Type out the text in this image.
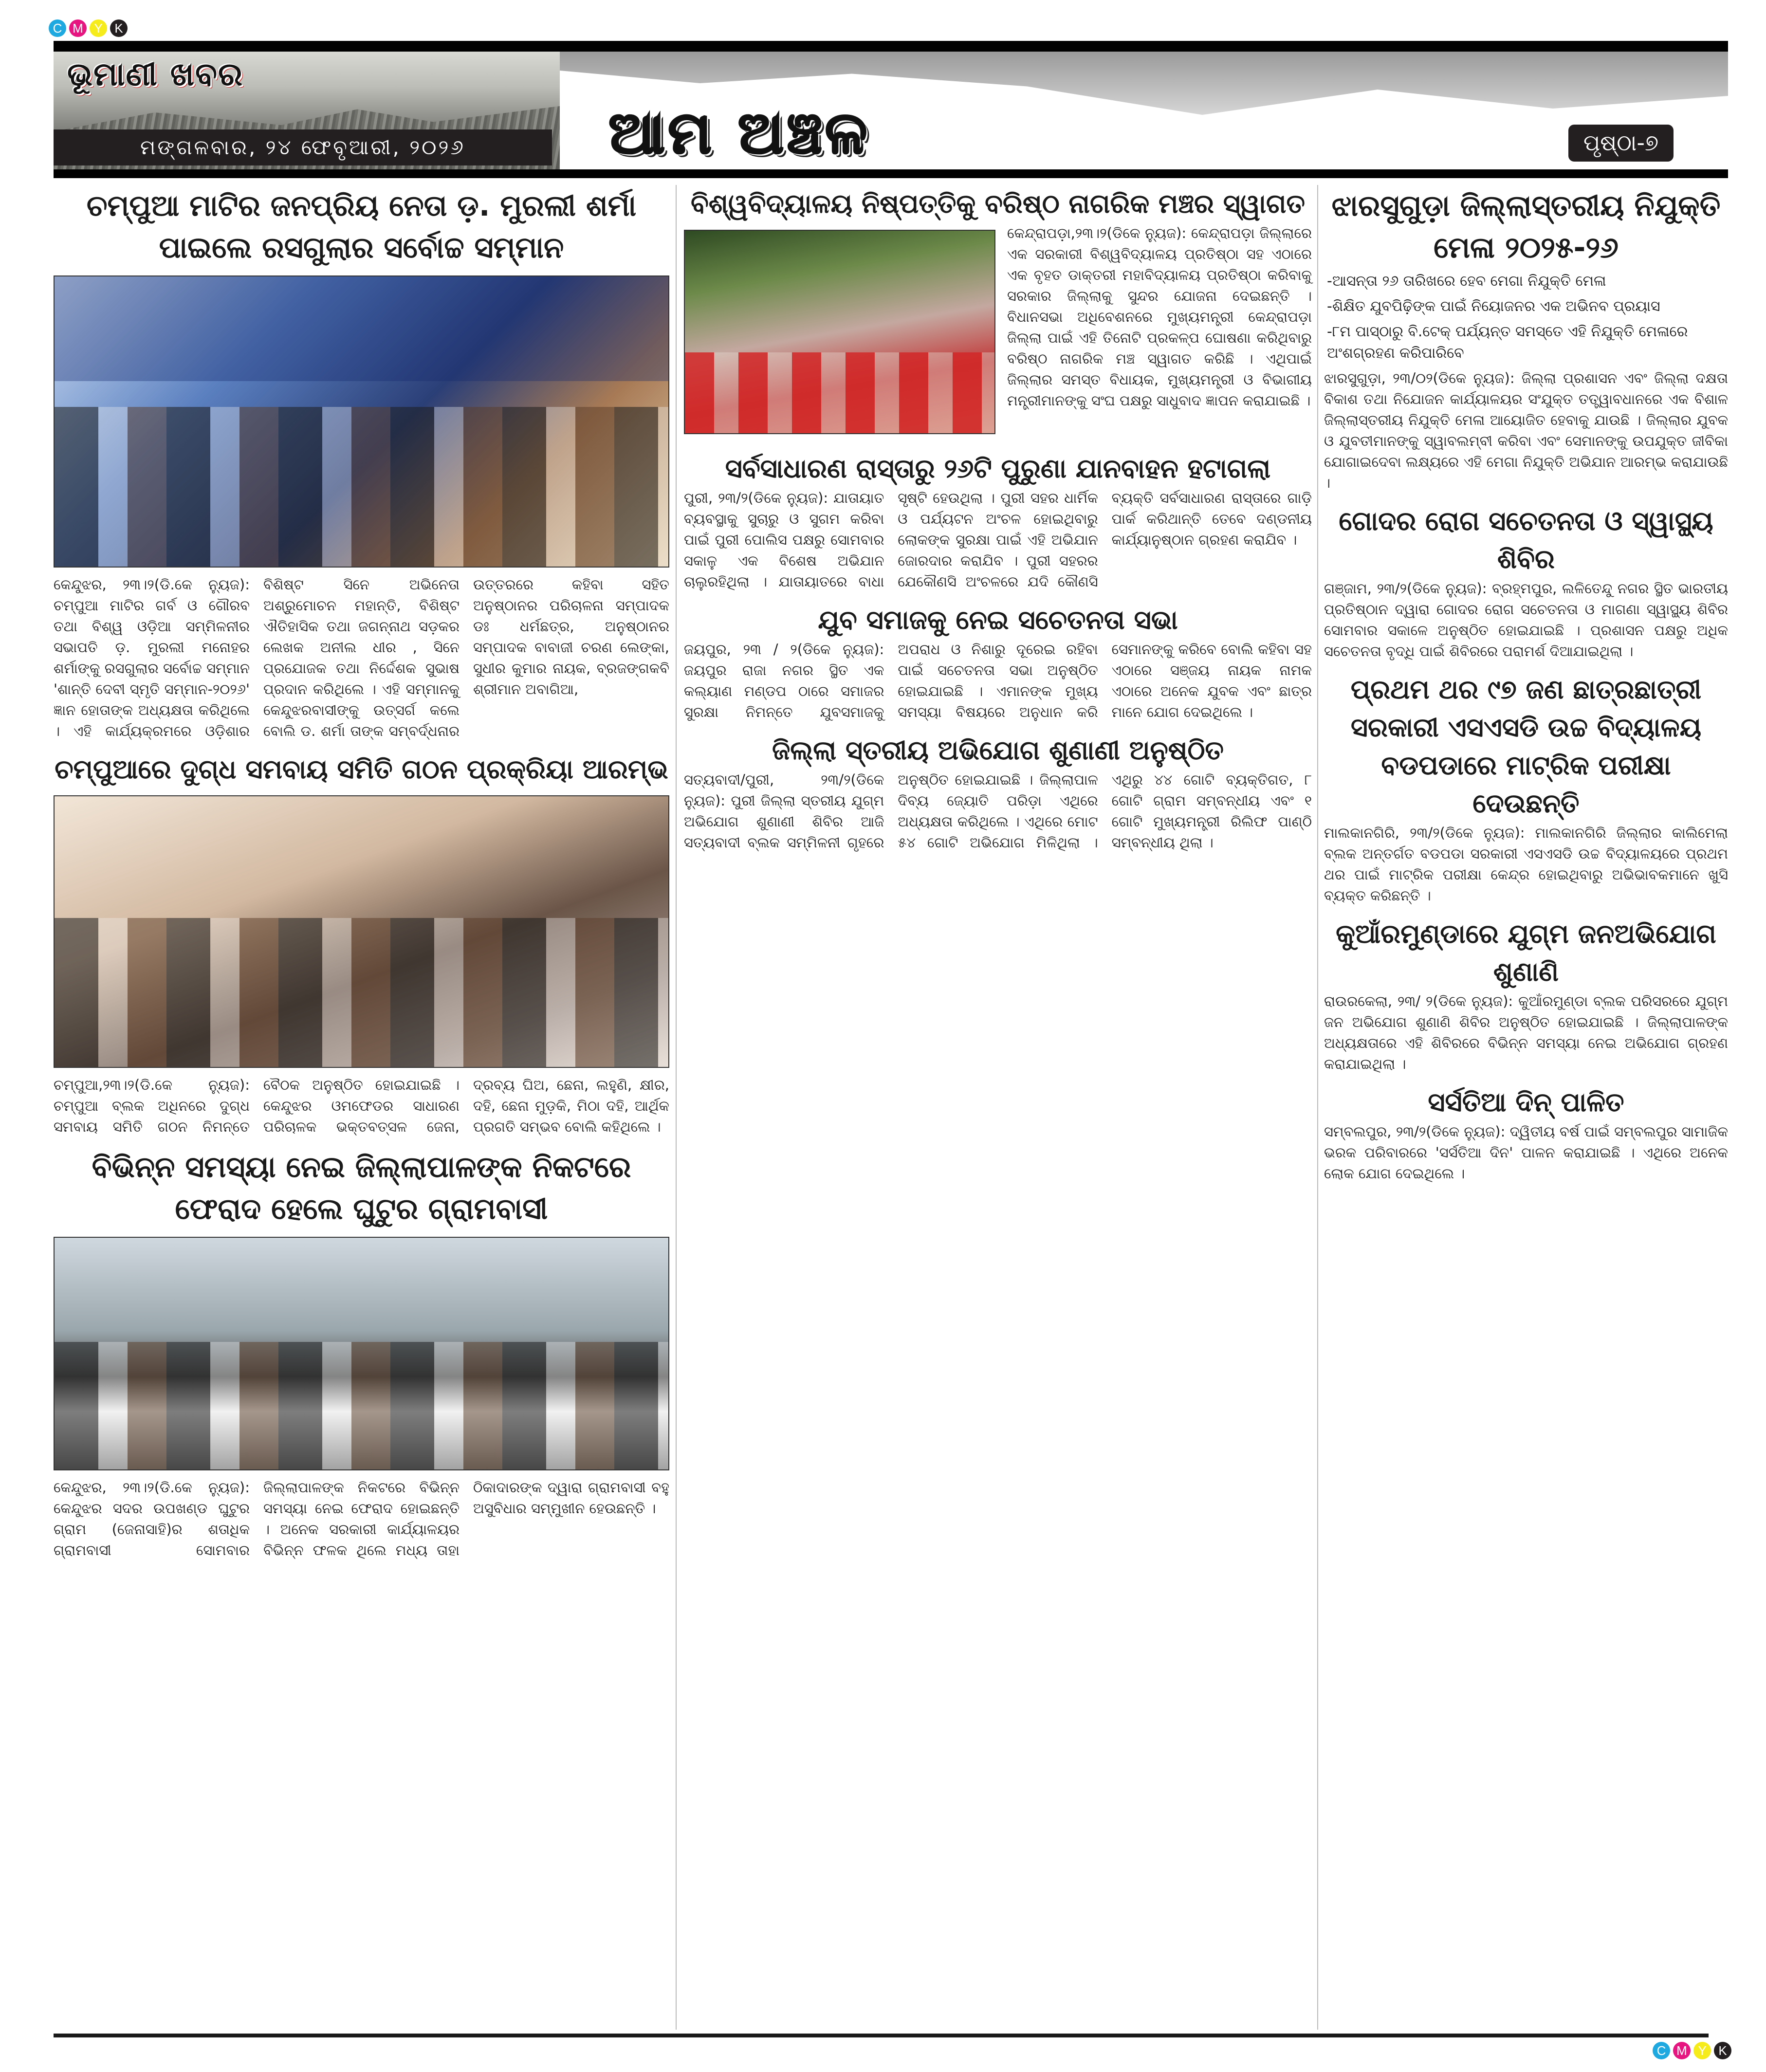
C M Y K
ଭୂମାଣୀ ଖବର
ମଙ୍ଗଳବାର, ୨୪ ଫେବୃଆରୀ, ୨୦୨୬	ଆମ ଅଞ୍ଚଳ	ପୃଷ୍ଠା-୭
ଚମ୍ପୁଆ ମାଟିର ଜନପ୍ରିୟ ନେତା ଡ଼. ମୁରଲୀ ଶର୍ମା ପାଇଲେ ରସଗୁଲାର ସର୍ବୋଚ୍ଚ ସମ୍ମାନ
କେନ୍ଦୁଝର, ୨୩।୨(ଡି.କେ ନ୍ୟୁଜ): ଚମ୍ପୁଆ ମାଟିର ଗର୍ବ ଓ ଗୌରବ ତଥା ବିଶ୍ୱ ଓଡ଼ିଆ ସମ୍ମିଳନୀର ସଭାପତି ଡ଼. ମୁରଲୀ ମନୋହର ଶର୍ମାଙ୍କୁ ରସଗୁଲାର ସର୍ବୋଚ୍ଚ ସମ୍ମାନ 'ଶାନ୍ତି ଦେବୀ ସ୍ମୃତି ସମ୍ମାନ-୨୦୨୬' ଜ୍ଞାନ ହୋତାଙ୍କ ଅଧ୍ୟକ୍ଷତା କରିଥିଲେ । ଏହି କାର୍ଯ୍ୟକ୍ରମରେ ଓଡ଼ିଶାର ବିଶିଷ୍ଟ ସିନେ ଅଭିନେତା ଅଶ୍ରୁମୋଚନ ମହାନ୍ତି, ବିଶିଷ୍ଟ ଐତିହାସିକ ତଥା ଜଗନ୍ନାଥ ସଡ଼କର ଲେଖକ ଅନୀଲ ଧୀର , ସିନେ ପ୍ରଯୋଜକ ତଥା ନିର୍ଦ୍ଦେଶକ ସୁଭାଷ ପ୍ରଦାନ କରିଥିଲେ । ଏହି ସମ୍ମାନକୁ କେନ୍ଦୁଝରବାସୀଙ୍କୁ ଉତ୍ସର୍ଗ କଲେ ବୋଲି ଡ. ଶର୍ମା ତାଙ୍କ ସମ୍ବର୍ଦ୍ଧନାର ଉତ୍ତରରେ କହିବା ସହିତ ଅନୁଷ୍ଠାନର ପରିଚାଳନା ସମ୍ପାଦକ ଡଃ ଧର୍ମଛତ୍ର, ଅନୁଷ୍ଠାନର ସମ୍ପାଦକ ବାବାଜୀ ଚରଣ ଲେଙ୍କା, ସୁଧୀର କୁମାର ନାୟକ, ବ୍ରଜଙ୍ଗକବି ଶ୍ରୀମାନ ଅବାଗିଆ,
ଚମ୍ପୁଆରେ ଦୁଗ୍ଧ ସମବାୟ ସମିତି ଗଠନ ପ୍ରକ୍ରିୟା ଆରମ୍ଭ
ଚମ୍ପୁଆ,୨୩।୨(ଡି.କେ ନ୍ୟୁଜ): ଚମ୍ପୁଆ ବ୍ଲକ ଅଧିନରେ ଦୁଗ୍ଧ ସମବାୟ ସମିତି ଗଠନ ନିମନ୍ତେ ବୈଠକ ଅନୁଷ୍ଠିତ ହୋଇଯାଇଛି । କେନ୍ଦୁଝର ଓମଫେଡର ସାଧାରଣ ପରିଚାଳକ ଭକ୍ତବତ୍ସଳ ଜେନା, ଦ୍ରବ୍ୟ ଘିଅ, ଛେନା, ଲହୁଣି, କ୍ଷୀର, ଦହି, ଛେନା ମୁଡ଼କି, ମିଠା ଦହି, ଆର୍ଥିକ ପ୍ରଗତି ସମ୍ଭବ ବୋଲି କହିଥିଲେ ।
ବିଭିନ୍ନ ସମସ୍ୟା ନେଇ ଜିଲ୍ଲାପାଳଙ୍କ ନିକଟରେ ଫେରାଦ ହେଲେ ଘୁଟୁର ଗ୍ରାମବାସୀ
କେନ୍ଦୁଝର, ୨୩।୨(ଡି.କେ ନ୍ୟୁଜ): କେନ୍ଦୁଝର ସଦର ଉପଖଣ୍ଡ ଘୁଟୁର ଗ୍ରାମ (ଜେନାସାହି)ର ଶତାଧିକ ଗ୍ରାମବାସୀ ସୋମବାର ଜିଲ୍ଲାପାଳଙ୍କ ନିକଟରେ ବିଭିନ୍ନ ସମସ୍ୟା ନେଇ ଫେରାଦ ହୋଇଛନ୍ତି । ଅନେକ ସରକାରୀ କାର୍ଯ୍ୟାଳୟର ବିଭିନ୍ନ ଫଳକ ଥିଲେ ମଧ୍ୟ ତାହା ଠିକାଦାରଙ୍କ ଦ୍ୱାରା ଗ୍ରାମବାସୀ ବହୁ ଅସୁବିଧାର ସମ୍ମୁଖୀନ ହେଉଛନ୍ତି ।
ବିଶ୍ୱବିଦ୍ୟାଳୟ ନିଷ୍ପତ୍ତିକୁ ବରିଷ୍ଠ ନାଗରିକ ମଞ୍ଚର ସ୍ୱାଗତ
କେନ୍ଦ୍ରାପଡ଼ା,୨୩।୨(ଡିକେ ନ୍ୟୁଜ): କେନ୍ଦ୍ରାପଡ଼ା ଜିଲ୍ଲାରେ ଏକ ସରକାରୀ ବିଶ୍ୱବିଦ୍ୟାଳୟ ପ୍ରତିଷ୍ଠା ସହ ଏଠାରେ ଏକ ବୃହତ ଡାକ୍ତରୀ ମହାବିଦ୍ୟାଳୟ ପ୍ରତିଷ୍ଠା କରିବାକୁ ସରକାର ଜିଲ୍ଲାକୁ ସୁନ୍ଦର ଯୋଜନା ଦେଇଛନ୍ତି । ବିଧାନସଭା ଅଧିବେଶନରେ ମୁଖ୍ୟମନ୍ତ୍ରୀ କେନ୍ଦ୍ରାପଡ଼ା ଜିଲ୍ଲା ପାଇଁ ଏହି ତିନୋଟି ପ୍ରକଳ୍ପ ଘୋଷଣା କରିଥିବାରୁ ବରିଷ୍ଠ ନାଗରିକ ମଞ୍ଚ ସ୍ୱାଗତ କରିଛି । ଏଥିପାଇଁ ଜିଲ୍ଲାର ସମସ୍ତ ବିଧାୟକ, ମୁଖ୍ୟମନ୍ତ୍ରୀ ଓ ବିଭାଗୀୟ ମନ୍ତ୍ରୀମାନଙ୍କୁ ସଂଘ ପକ୍ଷରୁ ସାଧୁବାଦ ଜ୍ଞାପନ କରାଯାଇଛି ।
ସର୍ବସାଧାରଣ ରାସ୍ତାରୁ ୨୬ଟି ପୁରୁଣା ଯାନବାହନ ହଟାଗଲା
ପୁରୀ, ୨୩/୨(ଡିକେ ନ୍ୟୁଜ): ଯାତାୟାତ ବ୍ୟବସ୍ଥାକୁ ସୁଚାରୁ ଓ ସୁଗମ କରିବା ପାଇଁ ପୁରୀ ପୋଲିସ ପକ୍ଷରୁ ସୋମବାର ସକାଳୁ ଏକ ବିଶେଷ ଅଭିଯାନ ଚାଲୁରହିଥିଲା । ଯାତାୟାତରେ ବାଧା ସୃଷ୍ଟି ହେଉଥିଲା । ପୁରୀ ସହର ଧାର୍ମିକ ଓ ପର୍ଯ୍ୟଟନ ଅଂଚଳ ହୋଇଥିବାରୁ ଲୋକଙ୍କ ସୁରକ୍ଷା ପାଇଁ ଏହି ଅଭିଯାନ ଜୋରଦାର କରାଯିବ । ପୁରୀ ସହରର ଯେକୌଣସି ଅଂଚଳରେ ଯଦି କୌଣସି ବ୍ୟକ୍ତି ସର୍ବସାଧାରଣ ରାସ୍ତାରେ ଗାଡ଼ି ପାର୍କ କରିଥାନ୍ତି ତେବେ ଦଣ୍ଡନୀୟ କାର୍ଯ୍ୟାନୁଷ୍ଠାନ ଗ୍ରହଣ କରାଯିବ ।
ଯୁବ ସମାଜକୁ ନେଇ ସଚେତନତା ସଭା
ଜୟପୁର, ୨୩ / ୨(ଡିକେ ନ୍ୟୁଜ): ଜୟପୁର ରାଜା ନଗର ସ୍ଥିତ ଏକ କଲ୍ୟାଣ ମଣ୍ଡପ ଠାରେ ସମାଜର ସୁରକ୍ଷା ନିମନ୍ତେ ଯୁବସମାଜକୁ ଅପରାଧ ଓ ନିଶାରୁ ଦୂରେଇ ରହିବା ପାଇଁ ସଚେତନତା ସଭା ଅନୁଷ୍ଠିତ ହୋଇଯାଇଛି । ଏମାନଙ୍କ ମୁଖ୍ୟ ସମସ୍ୟା ବିଷୟରେ ଅନୁଧାନ କରି ସେମାନଙ୍କୁ କରିବେ ବୋଲି କହିବା ସହ ଏଠାରେ ସଞ୍ଜୟ ନାୟକ ନାମକ ଏଠାରେ ଅନେକ ଯୁବକ ଏବଂ ଛାତ୍ର ମାନେ ଯୋଗ ଦେଇଥିଲେ ।
ଜିଲ୍ଲା ସ୍ତରୀୟ ଅଭିଯୋଗ ଶୁଣାଣୀ ଅନୁଷ୍ଠିତ
ସତ୍ୟବାଦୀ/ପୁରୀ, ୨୩/୨(ଡିକେ ନ୍ୟୁଜ): ପୁରୀ ଜିଲ୍ଲା ସ୍ତରୀୟ ଯୁଗ୍ମ ଅଭିଯୋଗ ଶୁଣାଣୀ ଶିବିର ଆଜି ସତ୍ୟବାଦୀ ବ୍ଲକ ସମ୍ମିଳନୀ ଗୃହରେ ଅନୁଷ୍ଠିତ ହୋଇଯାଇଛି । ଜିଲ୍ଲାପାଳ ଦିବ୍ୟ ଜ୍ୟୋତି ପରିଡ଼ା ଏଥିରେ ଅଧ୍ୟକ୍ଷତା କରିଥିଲେ । ଏଥିରେ ମୋଟ ୫୪ ଗୋଟି ଅଭିଯୋଗ ମିଳିଥିଲା । ଏଥିରୁ ୪୪ ଗୋଟି ବ୍ୟକ୍ତିଗତ, ୮ ଗୋଟି ଗ୍ରାମ ସମ୍ବନ୍ଧୀୟ ଏବଂ ୧ ଗୋଟି ମୁଖ୍ୟମନ୍ତ୍ରୀ ରିଲିଫ ପାଣ୍ଠି ସମ୍ବନ୍ଧୀୟ ଥିଲା ।
ଝାରସୁଗୁଡ଼ା ଜିଲ୍ଲାସ୍ତରୀୟ ନିଯୁକ୍ତି ମେଳା ୨୦୨୫-୨୬
-ଆସନ୍ତା ୨୬ ତାରିଖରେ ହେବ ମେଗା ନିଯୁକ୍ତି ମେଳା
-ଶିକ୍ଷିତ ଯୁବପିଢ଼ିଙ୍କ ପାଇଁ ନିୟୋଜନର ଏକ ଅଭିନବ ପ୍ରୟାସ
-୮ମ ପାସ୍‌ଠାରୁ ବି.ଟେକ୍ ପର୍ଯ୍ୟନ୍ତ ସମସ୍ତେ ଏହି ନିଯୁକ୍ତି ମେଳାରେ ଅଂଶଗ୍ରହଣ କରିପାରିବେ
ଝାରସୁଗୁଡ଼ା, ୨୩/୦୨(ଡିକେ ନ୍ୟୁଜ): ଜିଲ୍ଲା ପ୍ରଶାସନ ଏବଂ ଜିଲ୍ଲା ଦକ୍ଷତା ବିକାଶ ତଥା ନିଯୋଜନ କାର୍ଯ୍ୟାଳୟର ସଂଯୁକ୍ତ ତତ୍ତ୍ୱାବଧାନରେ ଏକ ବିଶାଳ ଜିଲ୍ଲାସ୍ତରୀୟ ନିଯୁକ୍ତି ମେଳା ଆୟୋଜିତ ହେବାକୁ ଯାଉଛି । ଜିଲ୍ଲାର ଯୁବକ ଓ ଯୁବତୀମାନଙ୍କୁ ସ୍ୱାବଲମ୍ବୀ କରିବା ଏବଂ ସେମାନଙ୍କୁ ଉପଯୁକ୍ତ ଜୀବିକା ଯୋଗାଇଦେବା ଲକ୍ଷ୍ୟରେ ଏହି ମେଗା ନିଯୁକ୍ତି ଅଭିଯାନ ଆରମ୍ଭ କରାଯାଉଛି ।
ଗୋଦର ରୋଗ ସଚେତନତା ଓ ସ୍ୱାସ୍ଥ୍ୟ ଶିବିର
ଗଞ୍ଜାମ, ୨୩/୨(ଡିକେ ନ୍ୟୁଜ): ବ୍ରହ୍ମପୁର, ଲଳିତେନ୍ଦୁ ନଗର ସ୍ଥିତ ଭାରତୀୟ ପ୍ରତିଷ୍ଠାନ ଦ୍ୱାରା ଗୋଦର ରୋଗ ସଚେତନତା ଓ ମାଗଣା ସ୍ୱାସ୍ଥ୍ୟ ଶିବିର ସୋମବାର ସକାଳେ ଅନୁଷ୍ଠିତ ହୋଇଯାଇଛି । ପ୍ରଶାସନ ପକ୍ଷରୁ ଅଧିକ ସଚେତନତା ବୃଦ୍ଧି ପାଇଁ ଶିବିରରେ ପରାମର୍ଶ ଦିଆଯାଇଥିଲା ।
ପ୍ରଥମ ଥର ୯୭ ଜଣ ଛାତ୍ରଛାତ୍ରୀ ସରକାରୀ ଏସଏସଡି ଉଚ୍ଚ ବିଦ୍ୟାଳୟ ବଡପଡାରେ ମାଟ୍ରିକ ପରୀକ୍ଷା ଦେଉଛନ୍ତି
ମାଲକାନଗିରି, ୨୩/୨(ଡିକେ ନ୍ୟୁଜ): ମାଲକାନଗିରି ଜିଲ୍ଲାର କାଲିମେଲା ବ୍ଲକ ଅନ୍ତର୍ଗତ ବଡପଡା ସରକାରୀ ଏସଏସଡି ଉଚ୍ଚ ବିଦ୍ୟାଳୟରେ ପ୍ରଥମ ଥର ପାଇଁ ମାଟ୍ରିକ ପରୀକ୍ଷା କେନ୍ଦ୍ର ହୋଇଥିବାରୁ ଅଭିଭାବକମାନେ ଖୁସି ବ୍ୟକ୍ତ କରିଛନ୍ତି ।
କୁଆଁରମୁଣ୍ଡାରେ ଯୁଗ୍ମ ଜନଅଭିଯୋଗ ଶୁଣାଣି
ରାଉରକେଲା, ୨୩/ ୨(ଡିକେ ନ୍ୟୁଜ): କୁଆଁରମୁଣ୍ଡା ବ୍ଲକ ପରିସରରେ ଯୁଗ୍ମ ଜନ ଅଭିଯୋଗ ଶୁଣାଣି ଶିବିର ଅନୁଷ୍ଠିତ ହୋଇଯାଇଛି । ଜିଲ୍ଲାପାଳଙ୍କ ଅଧ୍ୟକ୍ଷତାରେ ଏହି ଶିବିରରେ ବିଭିନ୍ନ ସମସ୍ୟା ନେଇ ଅଭିଯୋଗ ଗ୍ରହଣ କରାଯାଇଥିଲା ।
ସର୍ସତିଆ ଦିନ୍ ପାଳିତ
ସମ୍ବଲପୁର, ୨୩/୨(ଡିକେ ନ୍ୟୁଜ): ଦ୍ୱିତୀୟ ବର୍ଷ ପାଇଁ ସମ୍ବଲପୁର ସାମାଜିକ ଭରକ ପରିବାରରେ 'ସର୍ସତିଆ ଦିନ' ପାଳନ କରାଯାଇଛି । ଏଥିରେ ଅନେକ ଲୋକ ଯୋଗ ଦେଇଥିଲେ ।
C M Y K
